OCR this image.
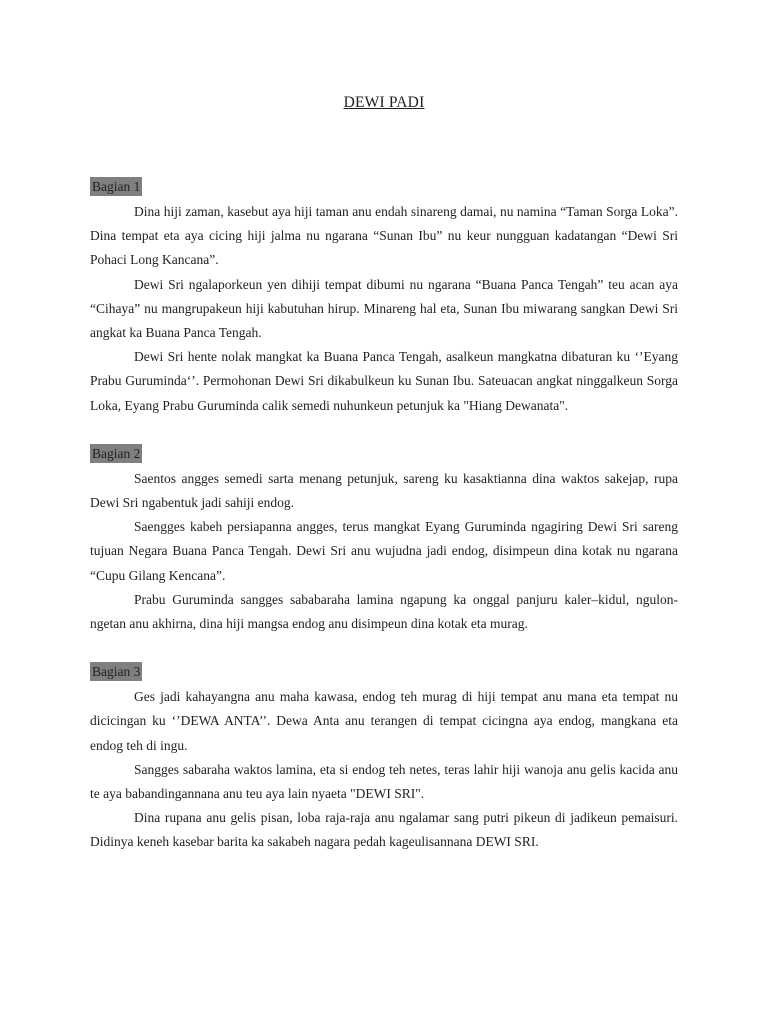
DEWI PADI
Bagian 1

Dina hiji zaman, kasebut aya hiji taman anu endah sinareng damai, nu namina “Taman Sorga Loka”. Dina tempat eta aya cicing hiji jalma nu ngarana “Sunan Ibu” nu keur nungguan kadatangan “Dewi Sri Pohaci Long Kancana”.

Dewi Sri ngalaporkeun yen dihiji tempat dibumi nu ngarana “Buana Panca Tengah” teu acan aya “Cihaya” nu mangrupakeun hiji kabutuhan hirup. Minareng hal eta, Sunan Ibu miwarang sangkan Dewi Sri angkat ka Buana Panca Tengah.

Dewi Sri hente nolak mangkat ka Buana Panca Tengah, asalkeun mangkatna dibaturan ku ‘’Eyang Prabu Guruminda‘’. Permohonan Dewi Sri dikabulkeun ku Sunan Ibu. Sateuacan angkat ninggalkeun Sorga Loka, Eyang Prabu Guruminda calik semedi nuhunkeun petunjuk ka "Hiang Dewanata".

Bagian 2

Saentos angges semedi sarta menang petunjuk, sareng ku kasaktianna dina waktos sakejap, rupa Dewi Sri ngabentuk jadi sahiji endog.

Saengges kabeh persiapanna angges, terus mangkat Eyang Guruminda ngagiring Dewi Sri sareng tujuan Negara Buana Panca Tengah. Dewi Sri anu wujudna jadi endog, disimpeun dina kotak nu ngarana “Cupu Gilang Kencana”.

Prabu Guruminda sangges sababaraha lamina ngapung ka onggal panjuru kaler–kidul, ngulon-ngetan anu akhirna, dina hiji mangsa endog anu disimpeun dina kotak eta murag.

Bagian 3

Ges jadi kahayangna anu maha kawasa, endog teh murag di hiji tempat anu mana eta tempat nu dicicingan ku ‘’DEWA ANTA’’. Dewa Anta anu terangen di tempat cicingna aya endog, mangkana eta endog teh di ingu.

Sangges sabaraha waktos lamina, eta si endog teh netes, teras lahir hiji wanoja anu gelis kacida anu te aya babandingannana anu teu aya lain nyaeta "DEWI SRI".

Dina rupana anu gelis pisan, loba raja-raja anu ngalamar sang putri pikeun di jadikeun pemaisuri. Didinya keneh kasebar barita ka sakabeh nagara pedah kageulisannana DEWI SRI.
